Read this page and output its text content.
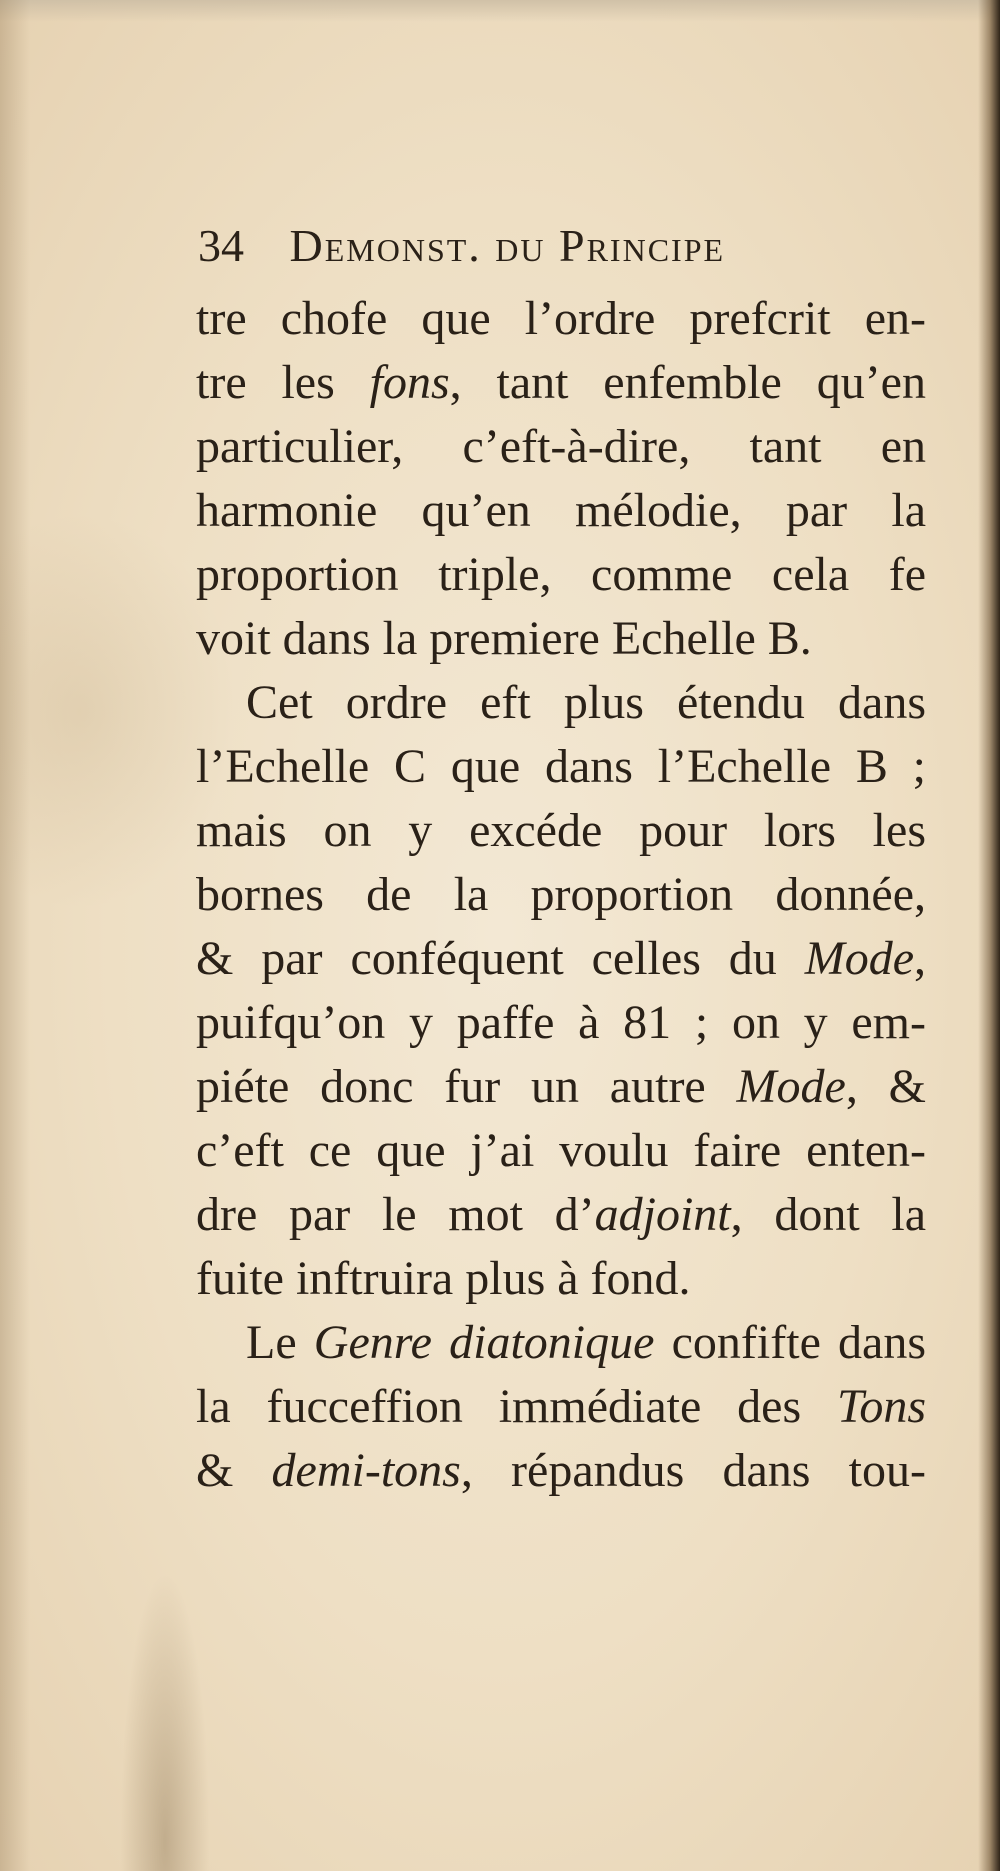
34 Demonst. du Principe
tre chofe que l’ordre prefcrit en-
tre les fons, tant enfemble qu’en
particulier, c’eft-à-dire, tant en
harmonie qu’en mélodie, par la
proportion triple, comme cela fe
voit dans la premiere Echelle B.
Cet ordre eft plus étendu dans
l’Echelle C que dans l’Echelle B ;
mais on y excéde pour lors les
bornes de la proportion donnée,
& par conféquent celles du Mode,
puifqu’on y paffe à 81 ; on y em-
piéte donc fur un autre Mode, &
c’eft ce que j’ai voulu faire enten-
dre par le mot d’adjoint, dont la
fuite inftruira plus à fond.
Le Genre diatonique confifte dans
la fucceffion immédiate des Tons
& demi-tons, répandus dans tou-
